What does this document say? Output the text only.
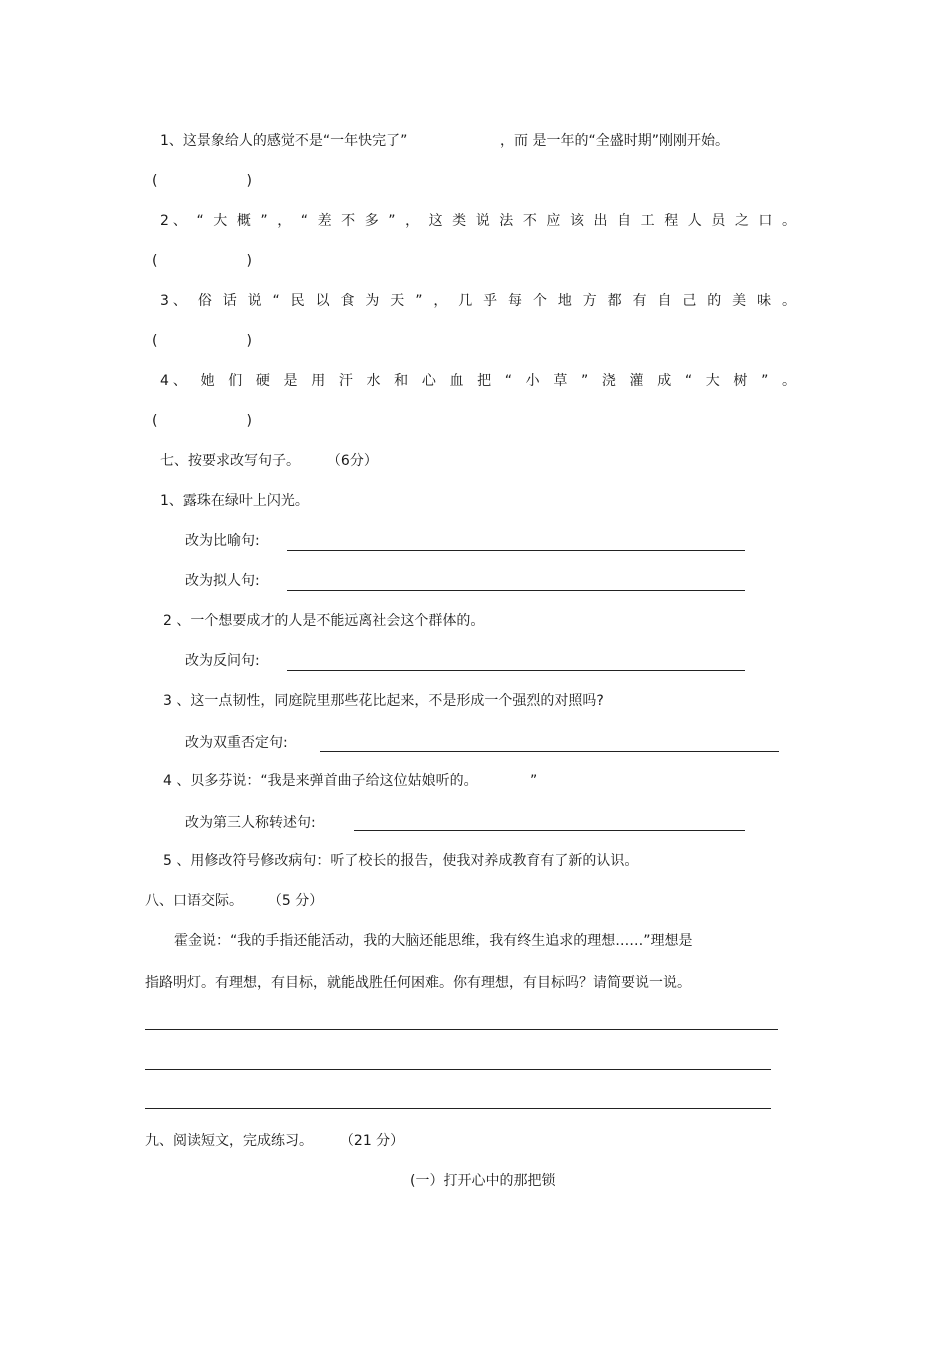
1、这景象给人的感觉不是“一年快完了”	，而 是一年的“全盛时期”刚刚开始。
(                    )
2 、“大概”，“差不多”，这类说法不应该出自工程人员之口。
(                    )
3 、俗话说“民以食为天”，几乎每个地方都有自己的美味。
(                    )
4 、她们硬是用汗水和心血把“小草”浇灌成“大树”。
(                    )
七、按要求改写句子。 （6分）
1、露珠在绿叶上闪光。
改为比喻句:
改为拟人句:
2 、一个想要成才的人是不能远离社会这个群体的。
改为反问句:
3 、这一点韧性，同庭院里那些花比起来，不是形成一个强烈的对照吗?
改为双重否定句:
4 、贝多芬说：“我是来弹首曲子给这位姑娘听的。	”
改为第三人称转述句:
5 、用修改符号修改病句：听了校长的报告，使我对养成教育有了新的认识。
八、口语交际。 （5 分）
霍金说：“我的手指还能活动，我的大脑还能思维，我有终生追求的理想……”理想是
指路明灯。有理想，有目标，就能战胜任何困难。你有理想，有目标吗？请简要说一说。
九、阅读短文，完成练习。 （21 分）
(一）打开心中的那把锁
